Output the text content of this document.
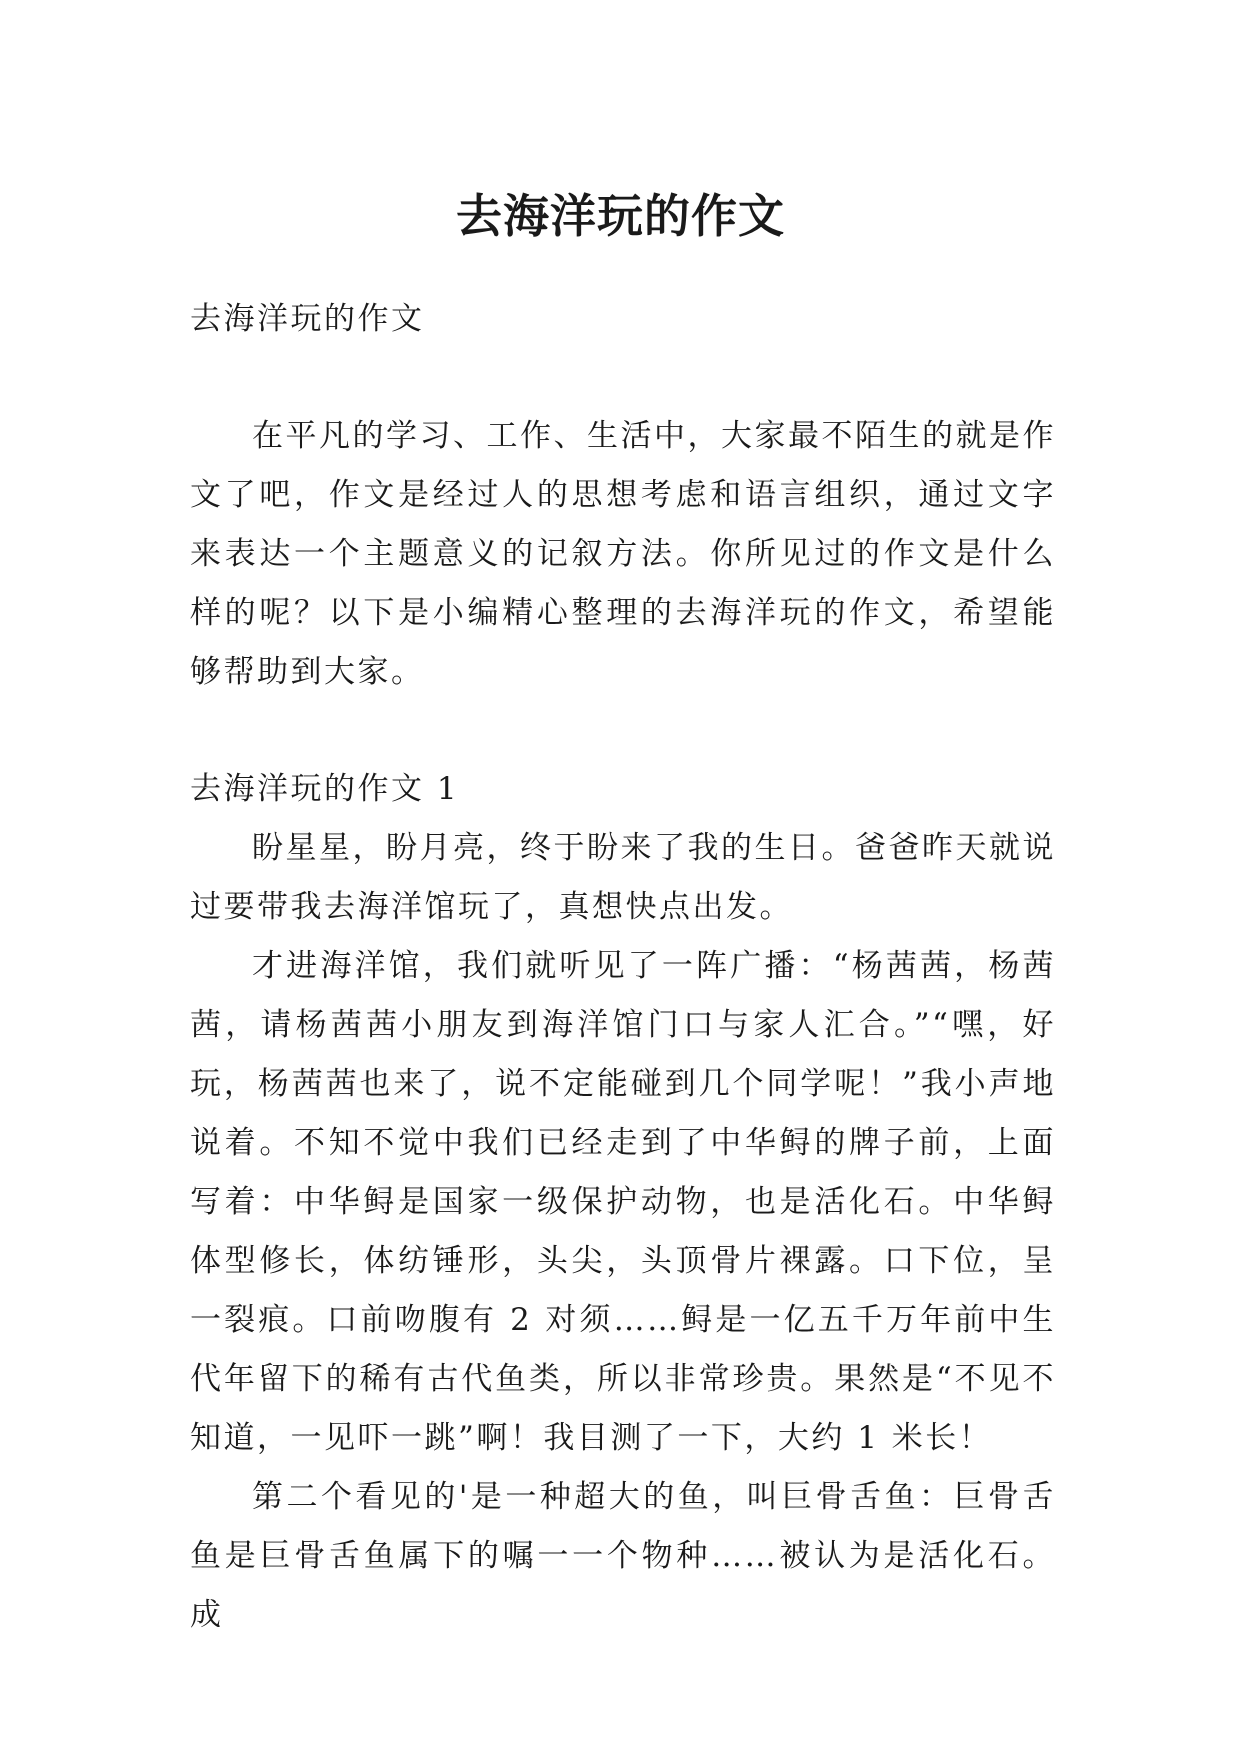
去海洋玩的作文

去海洋玩的作文

在平凡的学习、工作、生活中，大家最不陌生的就是作文了吧，作文是经过人的思想考虑和语言组织，通过文字来表达一个主题意义的记叙方法。你所见过的作文是什么样的呢？以下是小编精心整理的去海洋玩的作文，希望能够帮助到大家。

去海洋玩的作文 1

盼星星，盼月亮，终于盼来了我的生日。爸爸昨天就说过要带我去海洋馆玩了，真想快点出发。

才进海洋馆，我们就听见了一阵广播：“杨茜茜，杨茜茜，请杨茜茜小朋友到海洋馆门口与家人汇合。”“嘿，好玩，杨茜茜也来了，说不定能碰到几个同学呢！”我小声地说着。不知不觉中我们已经走到了中华鲟的牌子前，上面写着：中华鲟是国家一级保护动物，也是活化石。中华鲟体型修长，体纺锤形，头尖，头顶骨片裸露。口下位，呈一裂痕。口前吻腹有 2 对须……鲟是一亿五千万年前中生代年留下的稀有古代鱼类，所以非常珍贵。果然是“不见不知道，一见吓一跳”啊！我目测了一下，大约 1 米长！

第二个看见的'是一种超大的鱼，叫巨骨舌鱼：巨骨舌鱼是巨骨舌鱼属下的嘱一一个物种……被认为是活化石。成
